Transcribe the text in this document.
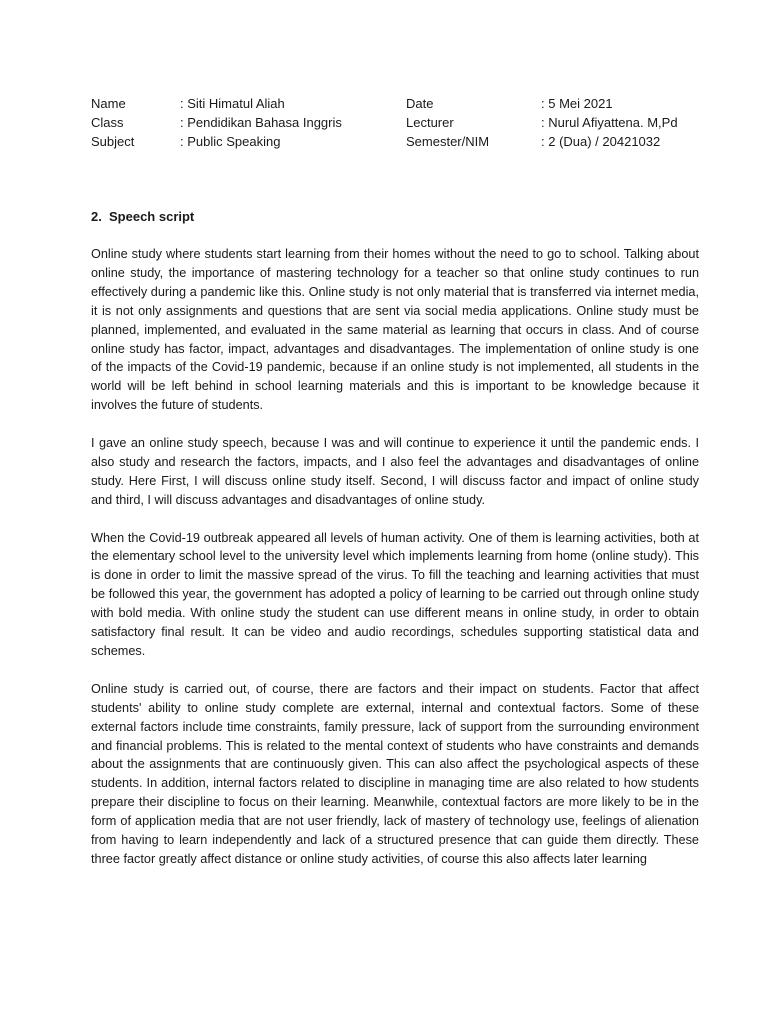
Name	: Siti Himatul Aliah	Date	: 5 Mei 2021
Class	: Pendidikan Bahasa Inggris	Lecturer	: Nurul Afiyattena. M,Pd
Subject	: Public Speaking	Semester/NIM	: 2 (Dua) / 20421032
2. Speech script

Online study where students start learning from their homes without the need to go to school. Talking about online study, the importance of mastering technology for a teacher so that online study continues to run effectively during a pandemic like this. Online study is not only material that is transferred via internet media, it is not only assignments and questions that are sent via social media applications. Online study must be planned, implemented, and evaluated in the same material as learning that occurs in class. And of course online study has factor, impact, advantages and disadvantages. The implementation of online study is one of the impacts of the Covid-19 pandemic, because if an online study is not implemented, all students in the world will be left behind in school learning materials and this is important to be knowledge because it involves the future of students.

I gave an online study speech, because I was and will continue to experience it until the pandemic ends. I also study and research the factors, impacts, and I also feel the advantages and disadvantages of online study. Here First, I will discuss online study itself. Second, I will discuss factor and impact of online study and third, I will discuss advantages and disadvantages of online study.

When the Covid-19 outbreak appeared all levels of human activity. One of them is learning activities, both at the elementary school level to the university level which implements learning from home (online study). This is done in order to limit the massive spread of the virus. To fill the teaching and learning activities that must be followed this year, the government has adopted a policy of learning to be carried out through online study with bold media. With online study the student can use different means in online study, in order to obtain satisfactory final result. It can be video and audio recordings, schedules supporting statistical data and schemes.

Online study is carried out, of course, there are factors and their impact on students. Factor that affect students' ability to online study complete are external, internal and contextual factors. Some of these external factors include time constraints, family pressure, lack of support from the surrounding environment and financial problems. This is related to the mental context of students who have constraints and demands about the assignments that are continuously given. This can also affect the psychological aspects of these students. In addition, internal factors related to discipline in managing time are also related to how students prepare their discipline to focus on their learning. Meanwhile, contextual factors are more likely to be in the form of application media that are not user friendly, lack of mastery of technology use, feelings of alienation from having to learn independently and lack of a structured presence that can guide them directly. These three factor greatly affect distance or online study activities, of course this also affects later learning
